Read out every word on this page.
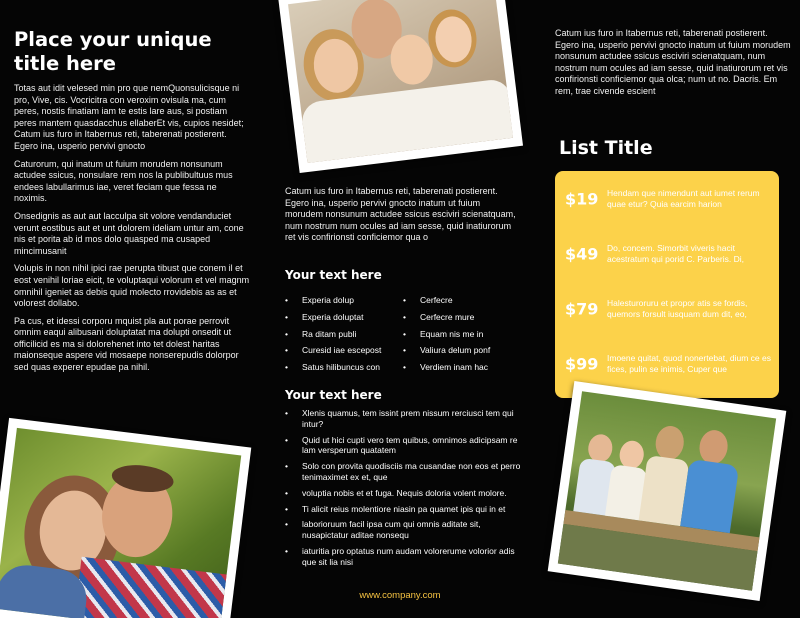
Place your unique title here

Totas aut idit velesed min pro que nemQuonsulicisque ni pro, Vive, cis. Vocricitra con veroxim ovisula ma, cum peres, nostis finatiam iam te estis lare aus, si postiam peres mantem quasdacchus ellaberEt vis, cupios nesidet; Catum ius furo in Itabernus reti, taberenati postierent. Egero ina, usperio pervivi gnocto

Caturorum, qui inatum ut fuium morudem nonsunum actudee ssicus, nonsulare rem nos la publibultuus mus endees labullarimus iae, veret feciam que fessa ne noximis.

Onsedignis as aut aut lacculpa sit volore vendanduciet verunt eostibus aut et unt dolorem ideliam untur am, cone nis et porita ab id mos dolo quasped ma cusaped mincimusanit

Volupis in non nihil ipici rae perupta tibust que conem il et eost venihil loriae eicit, te voluptaqui volorum et vel magnm omnihil igeniet as debis quid molecto rrovidebis as as et volorest dollabo.

Pa cus, et idessi corporu mquist pla aut porae perrovit omnim eaqui alibusani doluptatat ma dolupti onsedit ut officilicid es ma si dolorehenet into tet dolest haritas maionseque aspere vid mosaepe nonserepudis dolorpor sed quas experer epudae pa nihil.

Catum ius furo in Itabernus reti, taberenati postierent. Egero ina, usperio pervivi gnocto inatum ut fuium morudem nonsunum actudee ssicus esciviri scienatquam, num nostrum num ocules ad iam sesse, quid inatiurorum ret vis confirionsti conficiemor qua o

Your text here
• Experia dolup
• Experia doluptat
• Ra ditam publi
• Curesid iae escepost
• Satus hilibuncus con
• Cerfecre
• Cerfecre mure
• Equam nis me in
• Valiura delum ponf
• Verdiem inam hac
Your text here
• Xlenis quamus, tem issint prem nissum rerciusci tem qui intur?
• Quid ut hici cupti vero tem quibus, omnimos adicipsam re lam versperum quatatem
• Solo con provita quodisciis ma cusandae non eos et perro tenimaximet ex et, que
• voluptia nobis et et fuga. Nequis doloria volent molore.
• Ti alicit reius molentiore niasin pa quamet ipis qui in et
• laborioruum facil ipsa cum qui omnis aditate sit, nusapictatur aditae nonsequ
• iaturitia pro optatus num audam volorerume volorior adis que sit lia nisi
www.company.com

Catum ius furo in Itabernus reti, taberenati postierent. Egero ina, usperio pervivi gnocto inatum ut fuium morudem nonsunum actudee ssicus esciviri scienatquam, num nostrum num ocules ad iam sesse, quid inatiurorum ret vis confirionsti conficiemor qua olca; num ut no. Dacris. Em rem, trae civende escient

List Title
$19 Hendam que nimendunt aut iumet rerum quae etur? Quia earcim harion
$49 Do, concem. Simorbit viveris hacit acestratum qui porid C. Parberis. Di,
$79 Halesturoruru et propor atis se fordis, quemors forsult iusquam dum dit, eo,
$99 Imoene quitat, quod nonertebat, dium ce es fices, pulin se inimis, Cuper que
